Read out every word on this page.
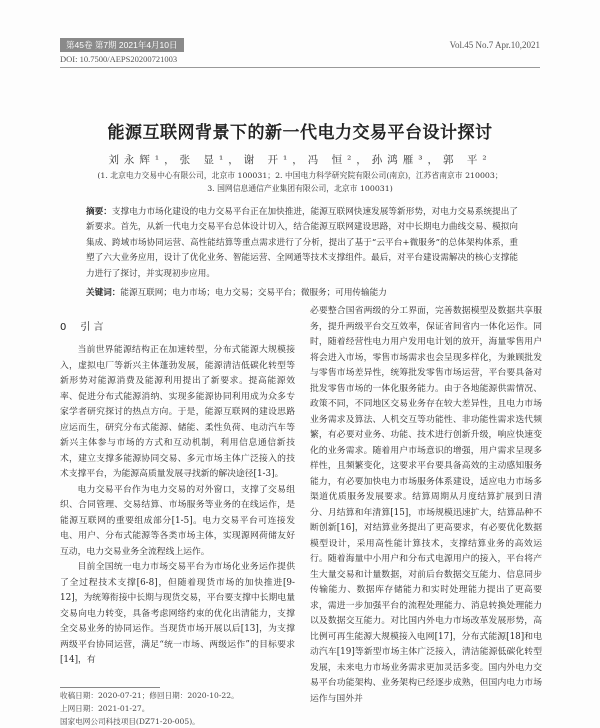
第45卷 第7期 2021年4月10日	Vol.45 No.7 Apr.10,2021
DOI: 10.7500/AEPS20200721003
能源互联网背景下的新一代电力交易平台设计探讨
刘永辉¹，张 显¹，谢 开¹，冯 恒²，孙鸿雁³，郭 平²
(1. 北京电力交易中心有限公司，北京市 100031；2. 中国电力科学研究院有限公司(南京)，江苏省南京市 210003；
3. 国网信息通信产业集团有限公司，北京市 100031)
摘要：支撑电力市场化建设的电力交易平台正在加快推进，能源互联网快速发展等新形势，对电力交易系统提出了新要求。首先，从新一代电力交易平台总体设计切入，结合能源互联网建设思路，对中长期电力曲线交易、模拟向集成、跨域市场协同运营、高性能结算等重点需求进行了分析，提出了基于“云平台+微服务”的总体架构体系，重塑了六大业务应用，设计了优化业务、智能运营、全网通等技术支撑组件。最后，对平台建设需解决的核心支撑能力进行了探讨，并实现初步应用。
关键词：能源互联网；电力市场；电力交易；交易平台；微服务；可用传输能力
0 引 言

当前世界能源结构正在加速转型，分布式能源大规模接入，虚拟电厂等新兴主体蓬勃发展，能源清洁低碳化转型等新形势对能源消费及能源利用提出了新要求。提高能源效率、促进分布式能源消纳、实现多能源协同利用成为众多专家学者研究探讨的热点方向。于是，能源互联网的建设思路应运而生，研究分布式能源、储能、柔性负荷、电动汽车等新兴主体参与市场的方式和互动机制，利用信息通信新技术，建立支撑多能源协同交易、多元市场主体广泛接入的技术支撑平台，为能源高质量发展寻找新的解决途径[1-3]。

电力交易平台作为电力交易的对外窗口，支撑了交易组织、合同管理、交易结算、市场服务等业务的在线运作，是能源互联网的重要组成部分[1-5]。电力交易平台可连接发电、用户、分布式能源等各类市场主体，实现源网荷储友好互动，电力交易业务全流程线上运作。

目前全国统一电力市场交易平台为市场化业务运作提供了全过程技术支撑[6-8]，但随着现货市场的加快推进[9-12]，为统筹衔接中长期与现货交易，平台要支撑中长期电量交易向电力转变，具备考虑网络约束的优化出清能力，支撑全交易业务的协同运作。当现货市场开展以后[13]，为支撑两级平台协同运营，满足“统一市场、两级运作”的目标要求[14]，有

必要整合国省两级的分工界面，完善数据模型及数据共享服务，提升两级平台交互效率，保证省间省内一体化运作。同时，随着经营性电力用户发用电计划的放开，海量零售用户将会进入市场，零售市场需求也会呈现多样化，为兼顾批发与零售市场差异性，统筹批发零售市场运营，平台要具备对批发零售市场的一体化服务能力。由于各地能源供需情况、政策不同，不同地区交易业务存在较大差异性，且电力市场业务需求及算法、人机交互等功能性、非功能性需求迭代频繁，有必要对业务、功能、技术进行创新升级，响应快速变化的业务需求。随着用户市场意识的增强，用户需求呈现多样性，且频繁变化，这要求平台要具备高效的主动感知服务能力，有必要加快电力市场服务体系建设，适应电力市场多渠道优质服务发展要求。结算周期从月度结算扩展到日清分、月结算和年清算[15]，市场规模迅速扩大，结算品种不断创新[16]，对结算业务提出了更高要求，有必要优化数据模型设计，采用高性能计算技术，支撑结算业务的高效运行。随着海量中小用户和分布式电源用户的接入，平台将产生大量交易和计量数据，对前后台数据交互能力、信息同步传输能力、数据库存储能力和实时处理能力提出了更高要求，需进一步加强平台的流程处理能力、消息转换处理能力以及数据交互能力。对比国内外电力市场改革发展形势，高比例可再生能源大规模接入电网[17]，分布式能源[18]和电动汽车[19]等新型市场主体广泛接入，清洁能源低碳化转型发展，未来电力市场业务需求更加灵活多变。国内外电力交易平台功能架构、业务架构已经逐步成熟，但国内电力市场运作与国外并

收稿日期：2020-07-21；修回日期：2020-10-22。
上网日期：2021-01-27。
国家电网公司科技项目(DZ71-20-005)。
